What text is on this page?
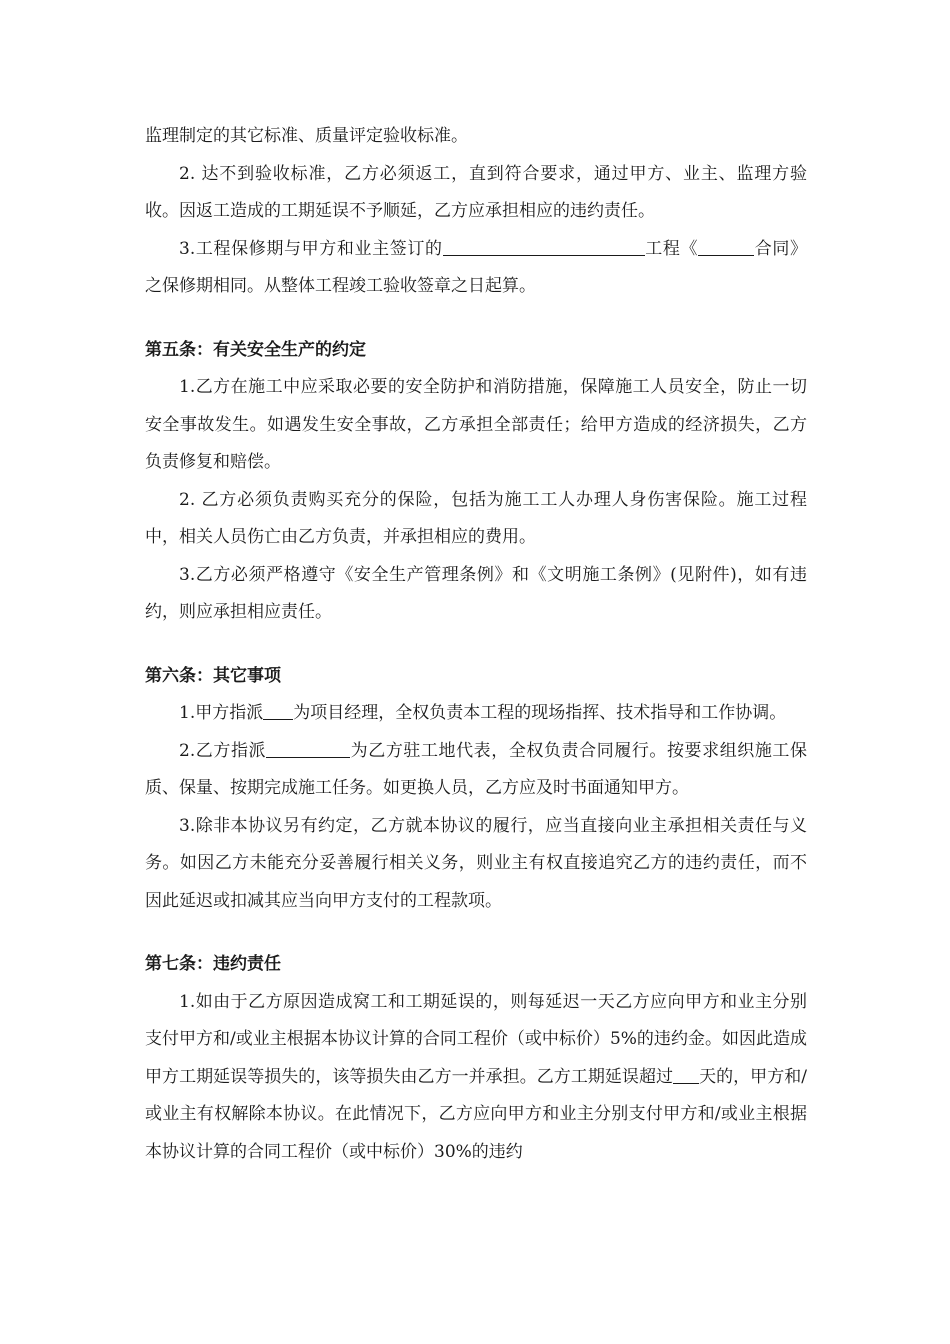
监理制定的其它标准、质量评定验收标准。

2. 达不到验收标准，乙方必须返工，直到符合要求，通过甲方、业主、监理方验收。因返工造成的工期延误不予顺延，乙方应承担相应的违约责任。

3.工程保修期与甲方和业主签订的	工程《	合同》之保修期相同。从整体工程竣工验收签章之日起算。

第五条：有关安全生产的约定

1.乙方在施工中应采取必要的安全防护和消防措施，保障施工人员安全，防止一切安全事故发生。如遇发生安全事故，乙方承担全部责任；给甲方造成的经济损失，乙方负责修复和赔偿。

2. 乙方必须负责购买充分的保险，包括为施工工人办理人身伤害保险。施工过程中，相关人员伤亡由乙方负责，并承担相应的费用。

3.乙方必须严格遵守《安全生产管理条例》和《文明施工条例》(见附件)，如有违约，则应承担相应责任。

第六条：其它事项

1.甲方指派 为项目经理，全权负责本工程的现场指挥、技术指导和工作协调。

2.乙方指派	为乙方驻工地代表，全权负责合同履行。按要求组织施工保质、保量、按期完成施工任务。如更换人员，乙方应及时书面通知甲方。

3.除非本协议另有约定，乙方就本协议的履行，应当直接向业主承担相关责任与义务。如因乙方未能充分妥善履行相关义务，则业主有权直接追究乙方的违约责任，而不因此延迟或扣减其应当向甲方支付的工程款项。

第七条：违约责任

1.如由于乙方原因造成窝工和工期延误的，则每延迟一天乙方应向甲方和业主分别支付甲方和/或业主根据本协议计算的合同工程价（或中标价）5%的违约金。如因此造成甲方工期延误等损失的，该等损失由乙方一并承担。乙方工期延误超过 天的，甲方和/或业主有权解除本协议。在此情况下，乙方应向甲方和业主分别支付甲方和/或业主根据本协议计算的合同工程价（或中标价）30%的违约
